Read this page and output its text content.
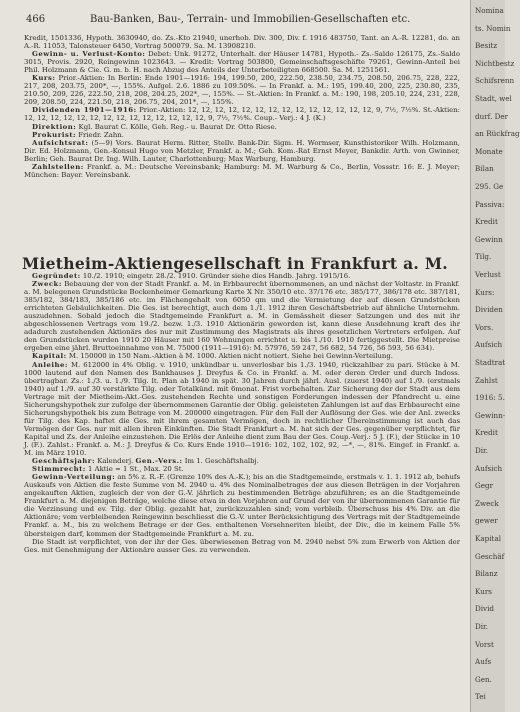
466	Bau-Banken, Bau-, Terrain- und Immobilien-Gesellschaften etc.

Kredit, 1501336, Hypoth. 3630940, do. Zs.-Kto 21940, unerhob. Div. 300, Div. f. 1916 483750, Tant. an A.-R. 12281, do. an A.-R. 11053, Talonsteuer 6450, Vortrag 500079. Sa. M. 13908210.

Gewinn- u. Verlust-Konto: Debet: Unk. 91272, Unterhalt. der Häuser 14781, Hypoth.- Zs.-Saldo 126175, Zs.-Saldo 3015, Provis. 2920, Reingewinn 1023643. — Kredit: Vortrag 503800, Gemeinschaftsgeschäfte 79261, Gewinn-Anteil bei Phil. Holzmann & Cie. G. m. b. H. nach Abzug des Anteils der Unterbeteiligten 668500. Sa. M. 1251561.

Kurs: Prior.-Aktien: In Berlin: Ende 1901—1916: 194, 199.50, 200, 222.50, 238.50, 234.75, 208.50, 206.75, 228, 222, 217, 208, 203.75, 200*, —, 155%. Aufgel. 2.6. 1886 zu 109.50%. — In Frankf. a. M.: 195, 199.40, 200, 225, 230.80, 235, 210.50, 209, 226, 222.50, 218, 208, 204.25, 202*, —, 155%. — St.-Aktien: In Frankf. a. M.: 190, 198, 205.10, 224, 231, 228, 209, 208.50, 224, 221.50, 218, 206.75, 204, 201*, —, 155%.

Dividenden 1901—1916: Prior.-Aktien: 12, 12, 12, 12, 12, 12, 12, 12, 12, 12, 12, 12, 12, 12, 9, 7½, 7½%. St.-Aktien: 12, 12, 12, 12, 12, 12, 12, 12, 12, 12, 12, 12, 12, 12, 9, 7½, 7½%. Coup.- Verj.: 4 J. (K.)

Direktion: Kgl. Baurat C. Kölle, Geh. Reg.- u. Baurat Dr. Otto Riese.

Prokurist: Friedr. Zahn.

Aufsichtsrat: (5—9) Vors. Baurat Herm. Ritter, Stellv. Bank-Dir. Sigm. H. Wormser, Kunsthistoriker Wilh. Holzmann, Dir. Ed. Holzmann, Gen.-Konsul Hugo von Metzler, Frankf. a. M.; Geh. Kom.-Rat Ernst Meyer, Bankdir. Arth. von Gwinner, Berlin; Geh. Baurat Dr. Ing. Wilh. Lauter, Charlottenburg; Max Warburg, Hamburg.

Zahlstellen: Frankf. a. M.: Deutsche Vereinsbank; Hamburg: M. M. Warburg & Co., Berlin, Vossstr. 16: E. J. Meyer; München: Bayer. Vereinsbank.

Mietheim-Aktiengesellschaft in Frankfurt a. M.

Gegründet: 10./2. 1910; eingetr. 28./2. 1910. Gründer siehe dies Handb. Jahrg. 1915/16.

Zweck: Bebauung der von der Stadt Frankf. a. M. in Erbbaurecht übernommenen, an und nächst der Voltastr. in Frankf. a. M. belegenen Grundstücke Bockenheimer Gemarkung Karte X Nr. 350/10 etc. 37/176 etc. 385/177, 386/178 etc. 387/181, 385/182, 384/183, 385/186 etc. im Flächengehalt von 6050 qm und die Vermietung der auf diesen Grundstücken errichteten Gebäulichkeiten. Die Ges. ist berechtigt, auch dem 1./1. 1912 ihren Geschäftsbetrieb auf ähnliche Unternehm. auszudehnen. Sobald jedoch die Stadtgemeinde Frankfurt a. M. in Gemässheit dieser Satzungen und des mit ihr abgeschlossenen Vertrags vom 19./2. bezw. 1./3. 1910 Aktionärin geworden ist, kann diese Ausdehnung kraft des ihr adadurch zustehenden Aktionärs des nur mit Zustimmung des Magistrats als ihres gesetzlichen Vertreters erfolgen. Auf den Grundstücken wurden 1910 20 Häuser mit 160 Wohnungen errichtet u. bis 1./10. 1910 fertiggestellt. Die Mietpreise ergeben eine jährl. Bruttoeinnahme von M. 75000 (1911—1916): M. 57976, 59 247, 56 682, 54 726, 56 593, 56 634).

Kapital: M. 150000 in 150 Nam.-Aktien à M. 1000. Aktien nicht notiert. Siehe bei Gewinn-Verteilung.

Anleihe: M. 612000 in 4% Oblig. v. 1910, unkündbar u. unverlosbar bis 1./3. 1940, rückzahlbar zu pari. Stücke à M. 1000 lautend auf den Namen des Bankhauses J. Dreyfus & Co. in Frankf. a. M. oder deren Order und durch Indoss. übertragbar. Zs.: 1./3. u. 1./9. Tilg. lt. Plan ab 1940 in spät. 30 Jahren durch jährl. Ausl. (zuerst 1940) auf 1./9. (erstmals 1940) auf 1./9. auf 30 verstärkte Tilg. oder Totalkünd. mit 6monat. Frist vorbehalten. Zur Sicherung der der Stadt aus dem Vertrage mit der Mietheim-Akt.-Ges. zustehenden Rechte und sonstigen Forderungen indessen der Pfandrecht u. eine Sicherungshypothek zur zufolge der übernommenen Garantie der Oblig. geleisteten Zahlungen ist auf das Erbbaurecht eine Sicherungshypothek bis zum Betrage von M. 200000 eingetragen. Für den Fall der Auflösung der Ges. wie der Anl. zwecks für Tilg. des Kap. haftet die Ges. mit ihrem gesamten Vermögen, doch in rechtlicher Übereinstimmung ist auch das Vermögen der Ges. nur mit allen ihren Einkünften. Die Stadt Frankfurt a. M. hat sich der Ges. gegenüber verpflichtet, für Kapital und Zs. der Anleihe einzustehen. Die Erlös der Anleihe dient zum Bau der Ges. Coup.-Verj.: 5 J. (F.), der Stücke in 10 J. (F.). Zahlst.: Frankf. a. M.: J. Dreyfus & Co. Kurs Ende 1910—1916: 102, 102, 102, 92, —*, —, 81%. Eingef. in Frankf. a. M. im März 1910.

Geschäftsjahr: Kalenderj. Gen.-Vers.: Im 1. Geschäftshalbj.

Stimmrecht: 1 Aktie = 1 St., Max. 20 St.

Gewinn-Verteilung: an 5% z. R.-F. (Grenze 10% des A.-K.); bis an die Stadtgemeinde, erstmals v. 1. 1. 1912 ab, behufs Auskaufs von Aktien die feste Summe von M. 2940 u. 4% des Nominalbetrages der aus diesen Beträgen in der Vorjahren angekauften Aktien, zugleich der von der G.-V. jährlich zu bestimmenden Beträge abzuführen; es an die Stadtgemeinde Frankfurt a. M. diejenigen Beträge, welche diese etwa in den Vorjahren auf Grund der von ihr übernommenen Garantie für die Verzinsung und ev. Tilg. der Oblig. gezahlt hat, zurückzuzahlen sind; vom verbleib. Überschuss bis 4% Div. an die Aktionäre; vom verbleibenden Reingewinn beschliesst die G.-V. unter Berücksichtigung des Vertrags mit der Stadtgemeinde Frankf. a. M., bis zu welchem Betrage er der Ges. enthaltenen Vorsehneriten bleibt, der Div., die in keinem Falle 5% übersteigen darf, kommen der Stadtgemeinde Frankfurt a. M. zu.

Die Stadt ist verpflichtet, von der ihr der Ges. überwiesenen Betrag von M. 2940 nebst 5% zum Erwerb von Aktien der Ges. mit Genehmigung der Aktionäre ausser Ges. zu verwenden.

Nomina
ts. Nomin
Besitz
Nichtbestz
Schifsrenn
Stadt, wel
durf. Der
an Rückfrag
Monate
Bilan
295. Ge
Passiva:
Kredit
Gewinn
Tilg.
Verlust
Kurs:
Dividen
Vors.
Aufsich
Stadtrat
Zahlst
1916: 5.
Gewinn-
Kredit
Dir.
Aufsich
Gegr
Zweck
gewer
Kapital
Geschäf
Bilanz
Kurs
Divid
Dir.
Vorst
Aufs
Gen.
Tei
